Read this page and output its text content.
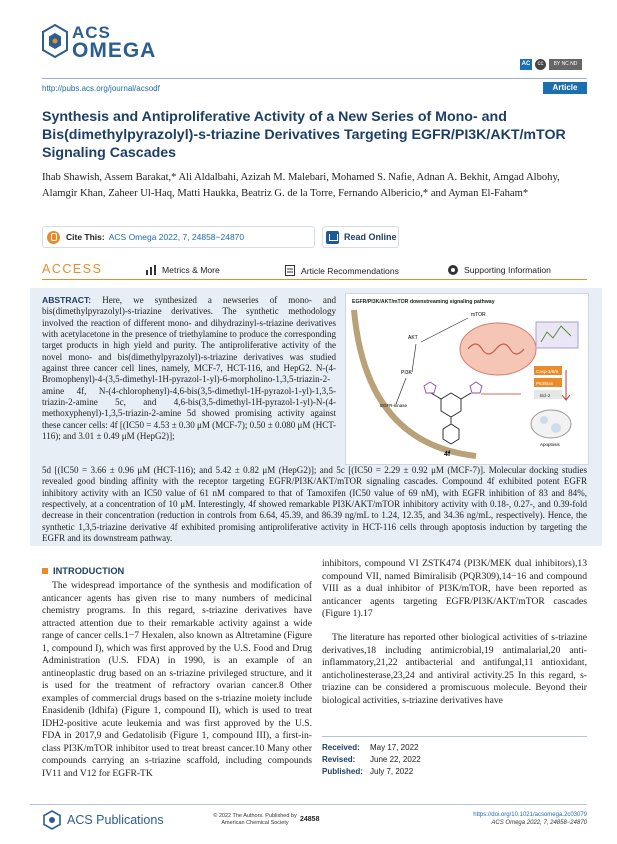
ACS
OMEGA
AC	cc	BY NC ND
http://pubs.acs.org/journal/acsodf	Article
Synthesis and Antiproliferative Activity of a New Series of Mono- and Bis(dimethylpyrazolyl)-s-triazine Derivatives Targeting EGFR/PI3K/AKT/mTOR Signaling Cascades
Ihab Shawish, Assem Barakat,* Ali Aldalbahi, Azizah M. Malebari, Mohamed S. Nafie, Adnan A. Bekhit, Amgad Albohy, Alamgir Khan, Zaheer Ul-Haq, Matti Haukka, Beatriz G. de la Torre, Fernando Albericio,* and Ayman El-Faham*
Cite This: ACS Omega 2022, 7, 24858−24870	Read Online
ACCESS	Metrics & More	Article Recommendations	Supporting Information
ABSTRACT: Here, we synthesized a newseries of mono- and bis(dimethylpyrazolyl)-s-triazine derivatives. The synthetic methodology involved the reaction of different mono- and dihydrazinyl-s-triazine derivatives with acetylacetone in the presence of triethylamine to produce the corresponding target products in high yield and purity. The antiproliferative activity of the novel mono- and bis(dimethylpyrazolyl)-s-triazine derivatives was studied against three cancer cell lines, namely, MCF-7, HCT-116, and HepG2. N-(4-Bromophenyl)-4-(3,5-dimethyl-1H-pyrazol-1-yl)-6-morpholino-1,3,5-triazin-2-amine 4f, N-(4-chlorophenyl)-4,6-bis(3,5-dimethyl-1H-pyrazol-1-yl)-1,3,5-triazin-2-amine 5c, and 4,6-bis(3,5-dimethyl-1H-pyrazol-1-yl)-N-(4-methoxyphenyl)-1,3,5-triazin-2-amine 5d showed promising activity against these cancer cells: 4f [(IC50 = 4.53 ± 0.30 μM (MCF-7); 0.50 ± 0.080 μM (HCT-116); and 3.01 ± 0.49 μM (HepG2)];
5d [(IC50 = 3.66 ± 0.96 μM (HCT-116); and 5.42 ± 0.82 μM (HepG2)]; and 5c [(IC50 = 2.29 ± 0.92 μM (MCF-7)]. Molecular docking studies revealed good binding affinity with the receptor targeting EGFR/PI3K/AKT/mTOR signaling cascades. Compound 4f exhibited potent EGFR inhibitory activity with an IC50 value of 61 nM compared to that of Tamoxifen (IC50 value of 69 nM), with EGFR inhibition of 83 and 84%, respectively, at a concentration of 10 μM. Interestingly, 4f showed remarkable PI3K/AKT/mTOR inhibitory activity with 0.18-, 0.27-, and 0.39-fold decrease in their concentration (reduction in controls from 6.64, 45.39, and 86.39 ng/mL to 1.24, 12.35, and 34.36 ng/mL, respectively). Hence, the synthetic 1,3,5-triazine derivative 4f exhibited promising antiproliferative activity in HCT-116 cells through apoptosis induction by targeting the EGFR and its downstream pathway.
EGFR/PI3K/AKT/mTOR downstreaming signaling pathway
mTOR
AKT
PI3K
EGFR-kinase
4f
Casp-3/8/9
P53/Bax
Bcl-2
Apoptosis
INTRODUCTION
The widespread importance of the synthesis and modification of anticancer agents has given rise to many numbers of medicinal chemistry programs. In this regard, s-triazine derivatives have attracted attention due to their remarkable activity against a wide range of cancer cells.1−7 Hexalen, also known as Altretamine (Figure 1, compound I), which was first approved by the U.S. Food and Drug Administration (U.S. FDA) in 1990, is an example of an antineoplastic drug based on an s-triazine privileged structure, and it is used for the treatment of refractory ovarian cancer.8 Other examples of commercial drugs based on the s-triazine moiety include Enasidenib (Idhifa) (Figure 1, compound II), which is used to treat IDH2-positive acute leukemia and was first approved by the U.S. FDA in 2017,9 and Gedatolisib (Figure 1, compound III), a first-in-class PI3K/mTOR inhibitor used to treat breast cancer.10 Many other compounds carrying an s-triazine scaffold, including compounds IV11 and V12 for EGFR-TK
inhibitors, compound VI ZSTK474 (PI3K/MEK dual inhibitors),13 compound VII, named Bimiralisib (PQR309),14−16 and compound VIII as a dual inhibitor of PI3K/mTOR, have been reported as anticancer agents targeting EGFR/PI3K/AKT/mTOR cascades (Figure 1).17
The literature has reported other biological activities of s-triazine derivatives,18 including antimicrobial,19 antimalarial,20 anti-inflammatory,21,22 antibacterial and antifungal,11 antioxidant, anticholinesterase,23,24 and antiviral activity.25 In this regard, s-triazine can be considered a promiscuous molecule. Beyond their biological activities, s-triazine derivatives have
Received: May 17, 2022
Revised: June 22, 2022
Published: July 7, 2022
ACS Publications	© 2022 The Authors. Published by
American Chemical Society	24858
https://doi.org/10.1021/acsomega.2c03079
ACS Omega 2022, 7, 24858−24870
